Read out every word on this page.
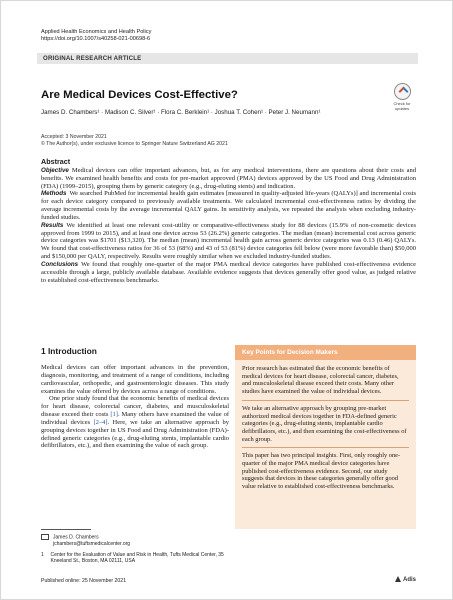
Applied Health Economics and Health Policy
https://doi.org/10.1007/s40258-021-00698-6
ORIGINAL RESEARCH ARTICLE
Check for
updates
Are Medical Devices Cost-Effective?
James D. Chambers¹ · Madison C. Silver¹ · Flora C. Berklein¹ · Joshua T. Cohen¹ · Peter J. Neumann¹
Accepted: 3 November 2021
© The Author(s), under exclusive licence to Springer Nature Switzerland AG 2021
Abstract

Objective Medical devices can offer important advances, but, as for any medical interventions, there are questions about their costs and benefits. We examined health benefits and costs for pre-market approved (PMA) devices approved by the US Food and Drug Administration (FDA) (1999–2015), grouping them by generic category (e.g., drug-eluting stents) and indication.

Methods We searched PubMed for incremental health gain estimates [measured in quality-adjusted life-years (QALYs)] and incremental costs for each device category compared to previously available treatments. We calculated incremental cost-effectiveness ratios by dividing the average incremental costs by the average incremental QALY gains. In sensitivity analysis, we repeated the analysis when excluding industry-funded studies.

Results We identified at least one relevant cost-utility or comparative-effectiveness study for 88 devices (15.9% of non-cosmetic devices approved from 1999 to 2015), and at least one device across 53 (26.2%) generic categories. The median (mean) incremental cost across generic device categories was $1701 ($13,320). The median (mean) incremental health gain across generic device categories was 0.13 (0.46) QALYs. We found that cost-effectiveness ratios for 36 of 53 (68%) and 43 of 53 (81%) device categories fell below (were more favorable than) $50,000 and $150,000 per QALY, respectively. Results were roughly similar when we excluded industry-funded studies.

Conclusions We found that roughly one-quarter of the major PMA medical device categories have published cost-effectiveness evidence accessible through a large, publicly available database. Available evidence suggests that devices generally offer good value, as judged relative to established cost-effectiveness benchmarks.

1 Introduction

Medical devices can offer important advances in the prevention, diagnosis, monitoring, and treatment of a range of conditions, including cardiovascular, orthopedic, and gastroenterologic diseases. This study examines the value offered by devices across a range of conditions.

One prior study found that the economic benefits of medical devices for heart disease, colorectal cancer, diabetes, and musculoskeletal disease exceed their costs [1]. Many others have examined the value of individual devices [2–4]. Here, we take an alternative approach by grouping devices together in US Food and Drug Administration (FDA)-defined generic categories (e.g., drug-eluting stents, implantable cardio defibrillators, etc.), and then examining the value of each group.

Key Points for Decision Makers
Prior research has estimated that the economic benefits of medical devices for heart disease, colorectal cancer, diabetes, and musculoskeletal disease exceed their costs. Many other studies have examined the value of individual devices.
We take an alternative approach by grouping pre-market authorized medical devices together in FDA-defined generic categories (e.g., drug-eluting stents, implantable cardio defibrillators, etc.), and then examining the cost-effectiveness of each group.
This paper has two principal insights. First, only roughly one-quarter of the major PMA medical device categories have published cost-effectiveness evidence. Second, our study suggests that devices in these categories generally offer good value relative to established cost-effectiveness benchmarks.
James D. Chambers
jchambers@tuftsmedicalcenter.org
1	Center for the Evaluation of Value and Risk in Health, Tufts Medical Center, 35 Kneeland St., Boston, MA 02111, USA
Published online: 25 November 2021	Adis
